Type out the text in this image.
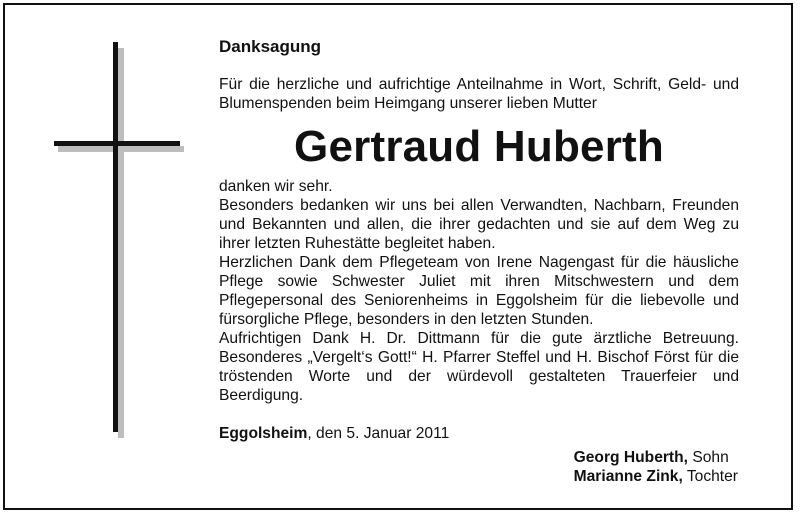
Danksagung

Für die herzliche und aufrichtige Anteilnahme in Wort, Schrift, Geld- und Blumenspenden beim Heimgang unserer lieben Mutter

Gertraud Huberth

danken wir sehr.

Besonders bedanken wir uns bei allen Verwandten, Nachbarn, Freunden und Bekannten und allen, die ihrer gedachten und sie auf dem Weg zu ihrer letzten Ruhestätte begleitet haben.

Herzlichen Dank dem Pflegeteam von Irene Nagengast für die häusliche Pflege sowie Schwester Juliet mit ihren Mitschwestern und dem Pflegepersonal des Seniorenheims in Eggolsheim für die liebevolle und fürsorgliche Pflege, besonders in den letzten Stunden.

Aufrichtigen Dank H. Dr. Dittmann für die gute ärztliche Betreuung. Besonderes „Vergelt‘s Gott!“ H. Pfarrer Steffel und H. Bischof Först für die tröstenden Worte und der würdevoll gestalteten Trauerfeier und Beerdigung.

Eggolsheim, den 5. Januar 2011

Georg Huberth, Sohn
Marianne Zink, Tochter
